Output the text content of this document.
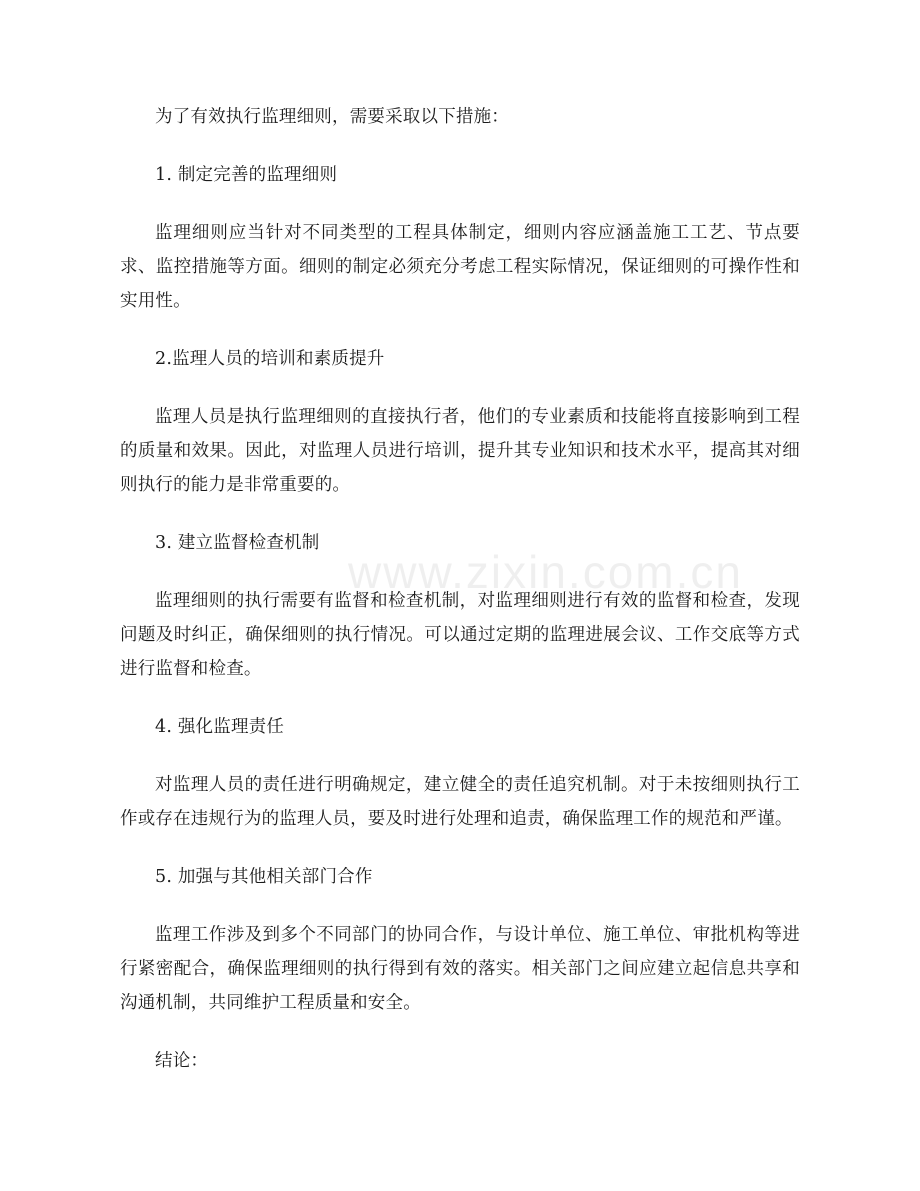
为了有效执行监理细则，需要采取以下措施：

1. 制定完善的监理细则

监理细则应当针对不同类型的工程具体制定，细则内容应涵盖施工工艺、节点要求、监控措施等方面。细则的制定必须充分考虑工程实际情况，保证细则的可操作性和实用性。

2.监理人员的培训和素质提升

监理人员是执行监理细则的直接执行者，他们的专业素质和技能将直接影响到工程的质量和效果。因此，对监理人员进行培训，提升其专业知识和技术水平，提高其对细则执行的能力是非常重要的。

3. 建立监督检查机制

监理细则的执行需要有监督和检查机制，对监理细则进行有效的监督和检查，发现问题及时纠正，确保细则的执行情况。可以通过定期的监理进展会议、工作交底等方式进行监督和检查。

4. 强化监理责任

对监理人员的责任进行明确规定，建立健全的责任追究机制。对于未按细则执行工作或存在违规行为的监理人员，要及时进行处理和追责，确保监理工作的规范和严谨。

5. 加强与其他相关部门合作

监理工作涉及到多个不同部门的协同合作，与设计单位、施工单位、审批机构等进行紧密配合，确保监理细则的执行得到有效的落实。相关部门之间应建立起信息共享和沟通机制，共同维护工程质量和安全。

结论：

www.zixin.com.cn
